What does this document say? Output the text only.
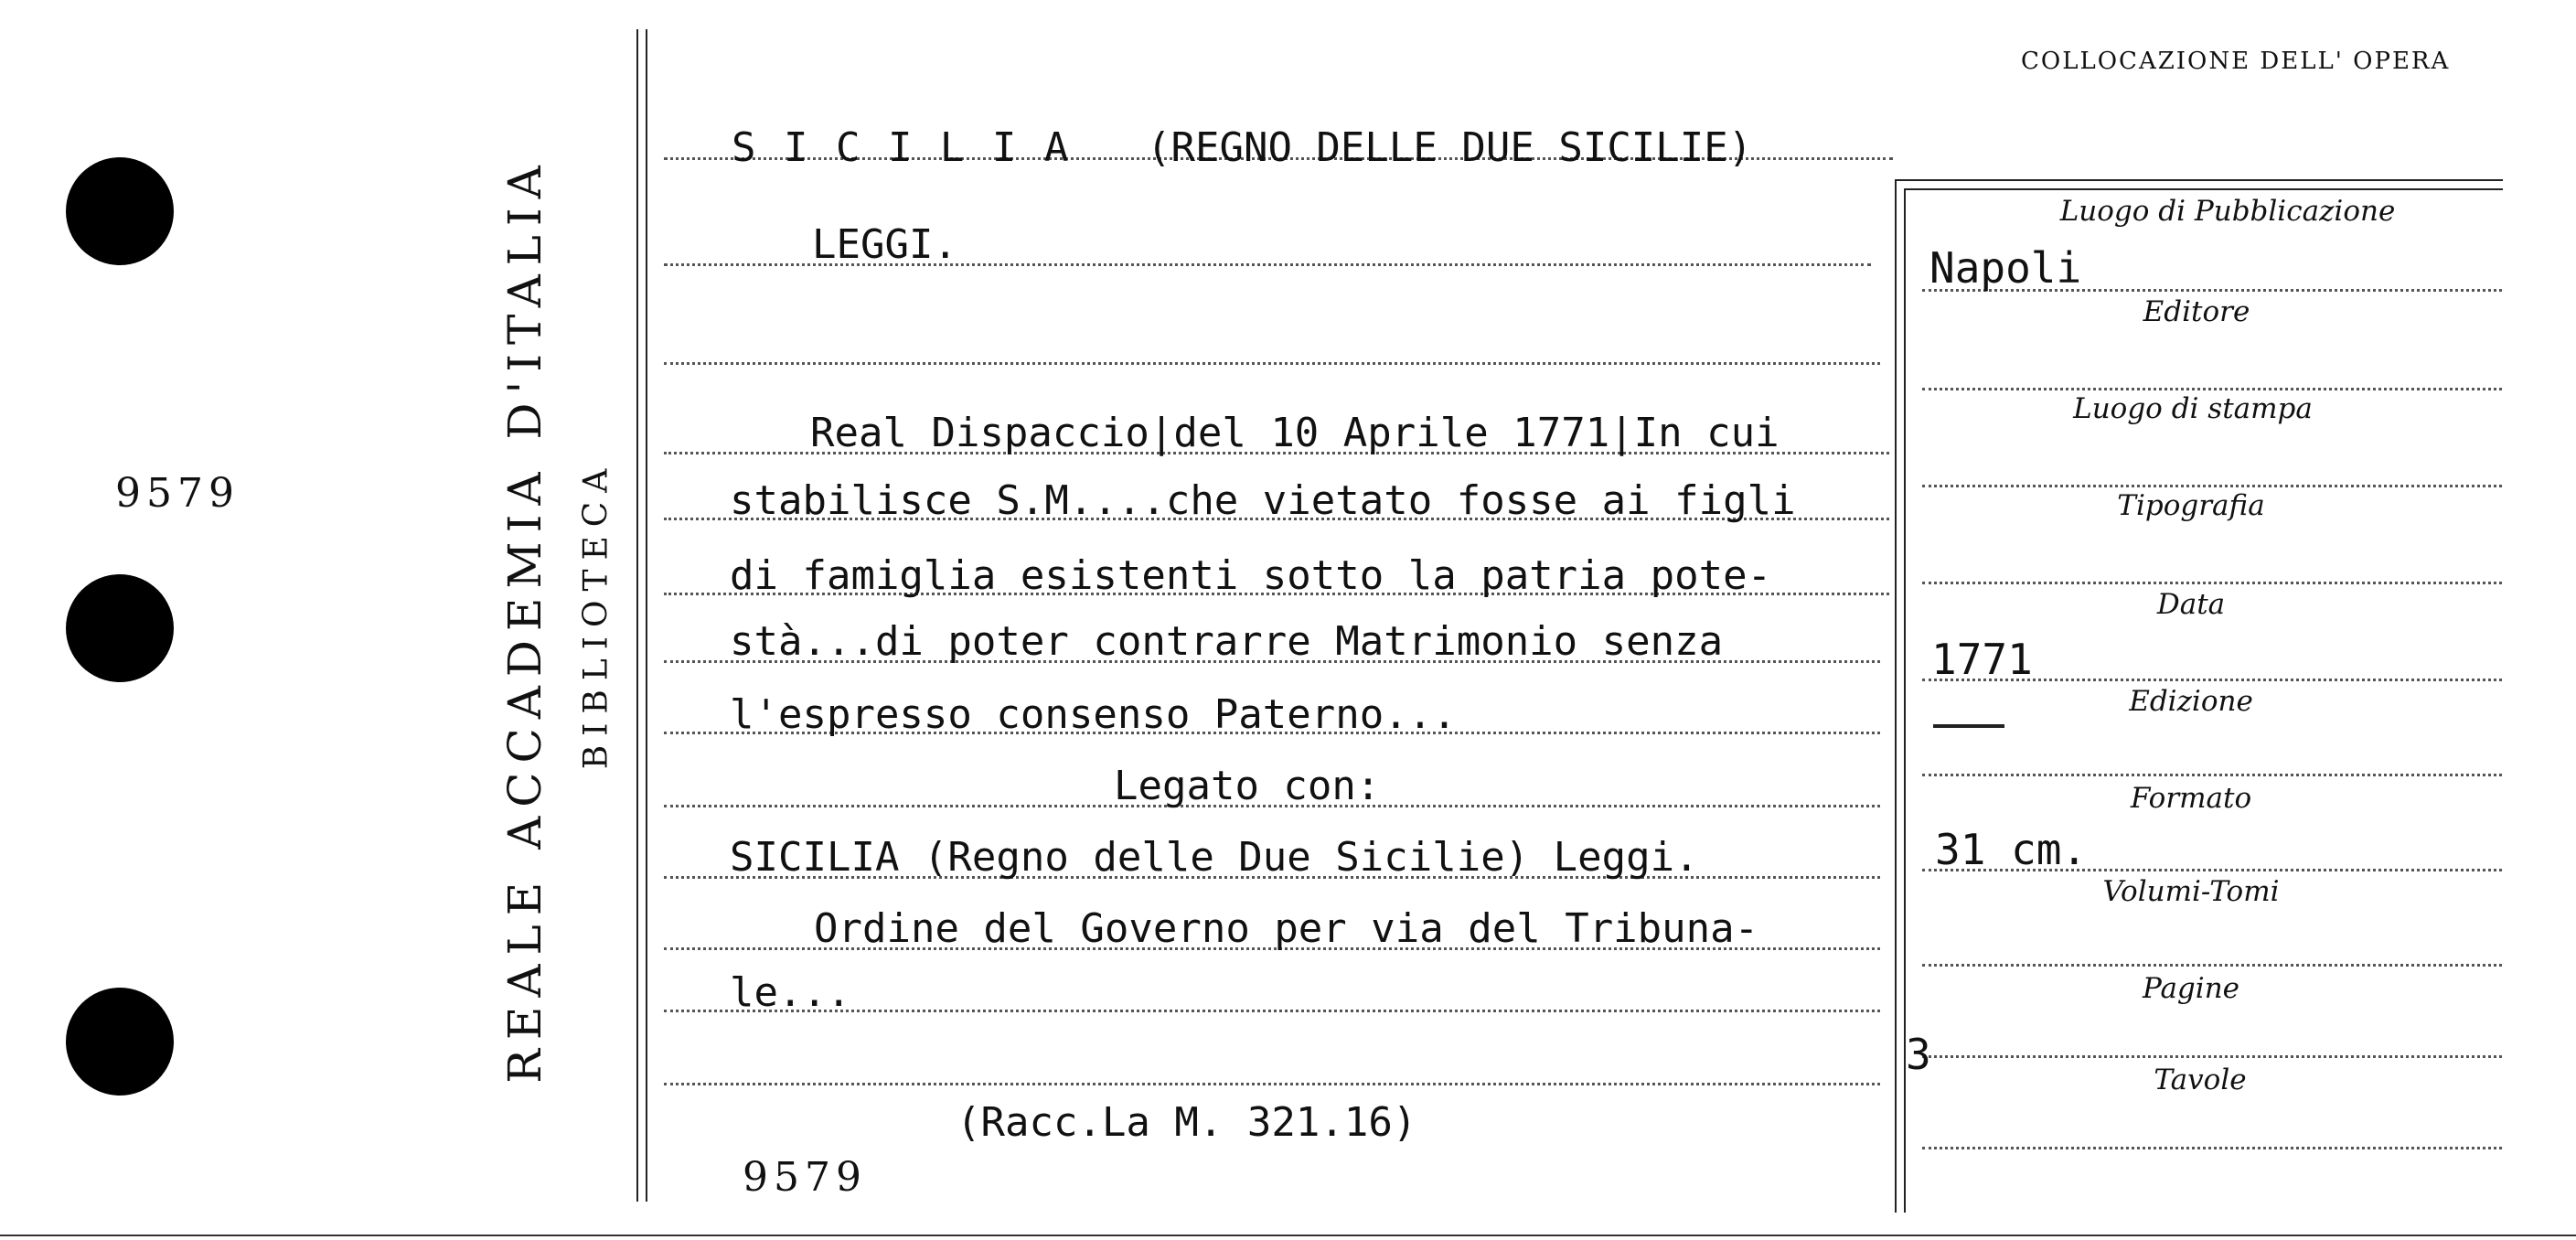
9579	REALE ACCADEMIA D'ITALIA BIBLIOTECA
COLLOCAZIONE DELL' OPERA
S I C I L I A (REGNO DELLE DUE SICILIE)
LEGGI.
Real Dispaccio|del 10 Aprile 1771|In cui
stabilisce S.M....che vietato fosse ai figli
di famiglia esistenti sotto la patria pote-
stà...di poter contrarre Matrimonio senza
l'espresso consenso Paterno...
Legato con:
SICILIA (Regno delle Due Sicilie) Leggi.
Ordine del Governo per via del Tribuna-
le...
(Racc.La M. 321.16)
9579
Luogo di Pubblicazione
Editore
Luogo di stampa
Tipografia
Data
Edizione
Formato
Volumi-Tomi
Pagine
Tavole
Napoli
1771
31 cm.
3
